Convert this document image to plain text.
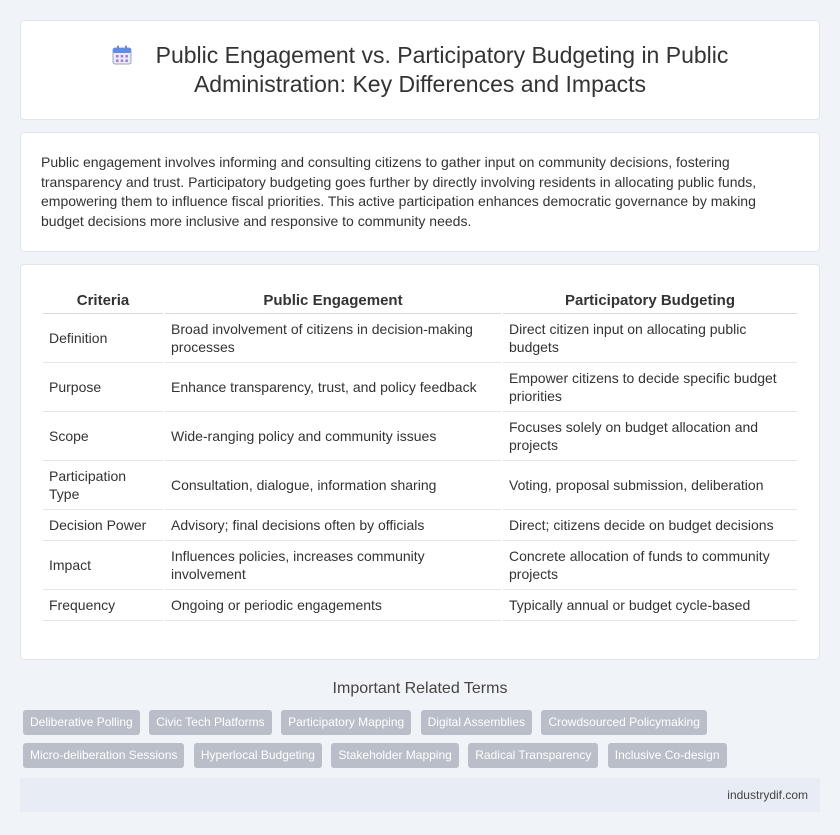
Public Engagement vs. Participatory Budgeting in Public Administration: Key Differences and Impacts

Public engagement involves informing and consulting citizens to gather input on community decisions, fostering transparency and trust. Participatory budgeting goes further by directly involving residents in allocating public funds, empowering them to influence fiscal priorities. This active participation enhances democratic governance by making budget decisions more inclusive and responsive to community needs.

Criteria	Public Engagement	Participatory Budgeting
Definition	Broad involvement of citizens in decision-making processes	Direct citizen input on allocating public budgets
Purpose	Enhance transparency, trust, and policy feedback	Empower citizens to decide specific budget priorities
Scope	Wide-ranging policy and community issues	Focuses solely on budget allocation and projects
Participation Type	Consultation, dialogue, information sharing	Voting, proposal submission, deliberation
Decision Power	Advisory; final decisions often by officials	Direct; citizens decide on budget decisions
Impact	Influences policies, increases community involvement	Concrete allocation of funds to community projects
Frequency	Ongoing or periodic engagements	Typically annual or budget cycle-based
Important Related Terms
Deliberative Polling Civic Tech Platforms Participatory Mapping Digital Assemblies Crowdsourced Policymaking Micro-deliberation Sessions Hyperlocal Budgeting Stakeholder Mapping Radical Transparency Inclusive Co-design
industrydif.com
